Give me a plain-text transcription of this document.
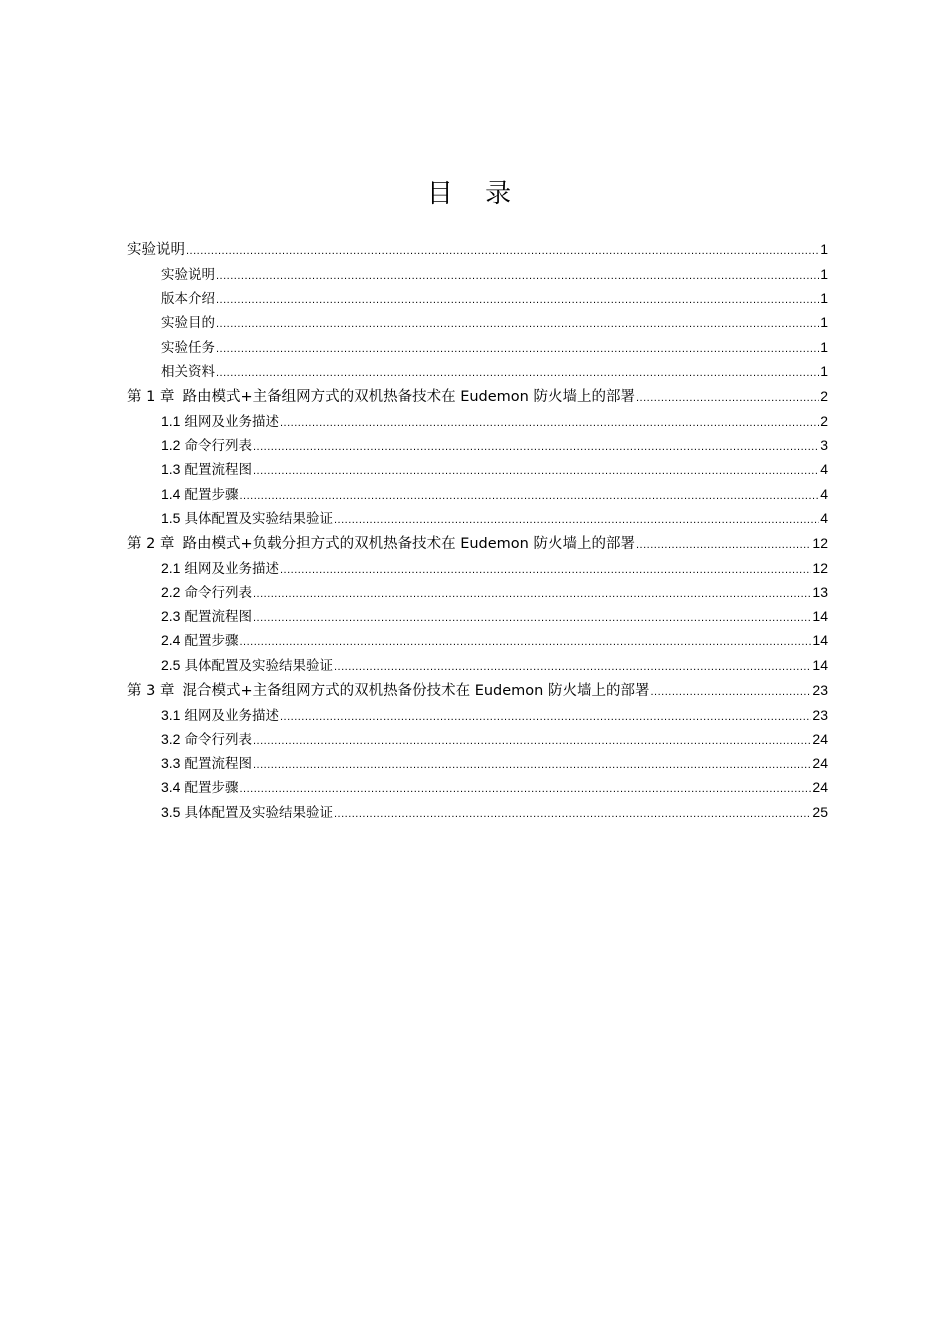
目 录
实验说明 .....	1
实验说明 .....	1
版本介绍 .....	1
实验目的 .....	1
实验任务 .....	1
相关资料 .....	1
第 1 章 路由模式+主备组网方式的双机热备技术在 Eudemon 防火墙上的部署 .....	2
1.1 组网及业务描述 .....	2
1.2 命令行列表 .....	3
1.3 配置流程图 .....	4
1.4 配置步骤 .....	4
1.5 具体配置及实验结果验证 .....	4
第 2 章 路由模式+负载分担方式的双机热备技术在 Eudemon 防火墙上的部署 .....	12
2.1 组网及业务描述 .....	12
2.2 命令行列表 .....	13
2.3 配置流程图 .....	14
2.4 配置步骤 .....	14
2.5 具体配置及实验结果验证 .....	14
第 3 章 混合模式+主备组网方式的双机热备份技术在 Eudemon 防火墙上的部署 .....	23
3.1 组网及业务描述 .....	23
3.2 命令行列表 .....	24
3.3 配置流程图 .....	24
3.4 配置步骤 .....	24
3.5 具体配置及实验结果验证 .....	25
